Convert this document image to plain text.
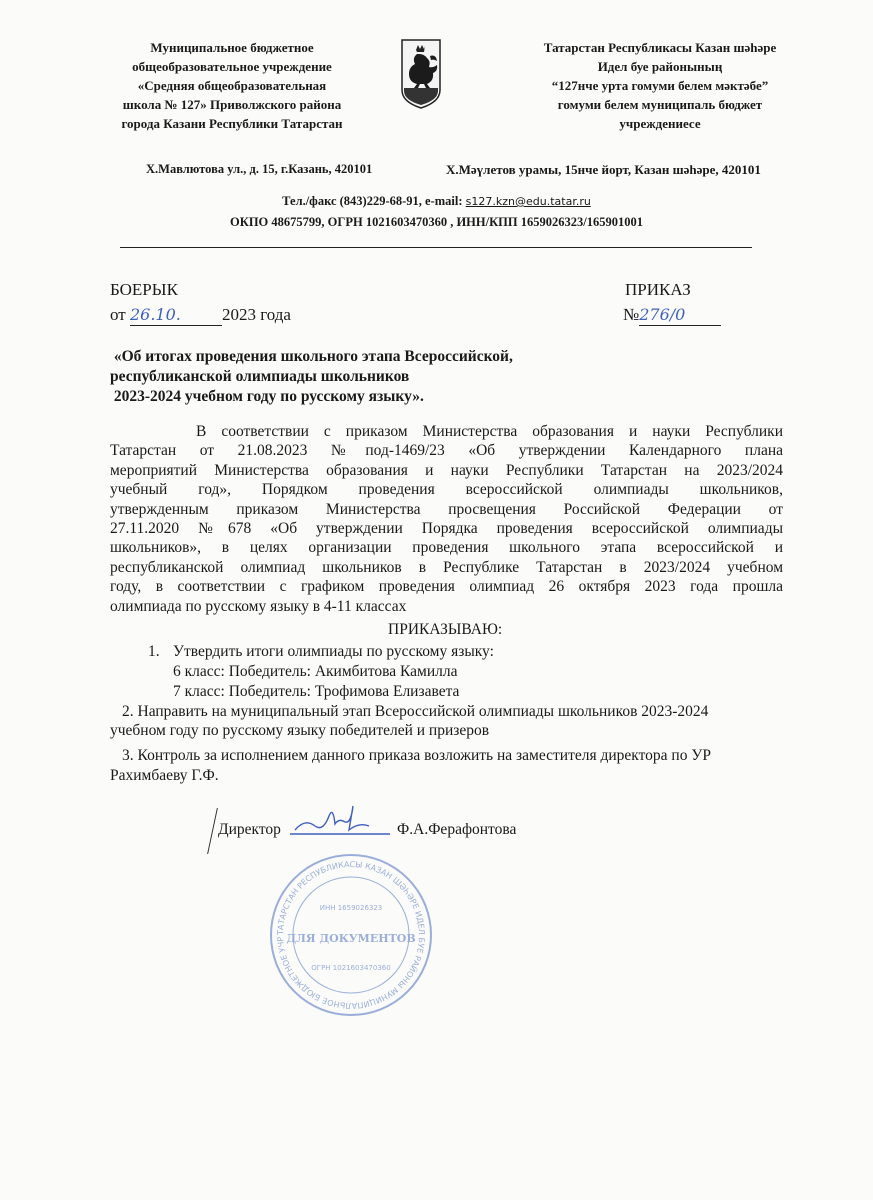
Муниципальное бюджетное
общеобразовательное учреждение
«Средняя общеобразовательная
школа № 127» Приволжского района
города Казани Республики Татарстан
Татарстан Республикасы Казан шәһәре
Идел буе районының
“127нче урта гомуми белем мәктәбе”
гомуми белем муниципаль бюджет
учреждениесе
Х.Мавлютова ул., д. 15, г.Казань, 420101	Х.Мәүлетов урамы, 15нче йорт, Казан шәһәре, 420101
Тел./факс (843)229-68-91, e-mail: s127.kzn@edu.tatar.ru
ОКПО 48675799, ОГРН 1021603470360 , ИНН/КПП 1659026323/165901001
БОЕРЫК	ПРИКАЗ
от 26.10. 2023 года	№276/0
«Об итогах проведения школьного этапа Всероссийской,
республиканской олимпиады школьников
2023-2024 учебном году по русскому языку».
В соответствии с приказом Министерства образования и науки Республики
Татарстан от 21.08.2023 №под-1469/23 «Об утверждении Календарного плана
мероприятий Министерства образования и науки Республики Татарстан на 2023/2024
учебный год», Порядком проведения всероссийской олимпиады школьников,
утвержденным приказом Министерства просвещения Российской Федерации от
27.11.2020 №678 «Об утверждении Порядка проведения всероссийской олимпиады
школьников», в целях организации проведения школьного этапа всероссийской и
республиканской олимпиад школьников в Республике Татарстан в 2023/2024 учебном
году, в соответствии с графиком проведения олимпиад 26 октября 2023 года прошла
олимпиада по русскому языку в 4-11 классах
ПРИКАЗЫВАЮ:
1. Утвердить итоги олимпиады по русскому языку:
6 класс: Победитель: Акимбитова Камилла
7 класс: Победитель: Трофимова Елизавета
2. Направить на муниципальный этап Всероссийской олимпиады школьников 2023-2024
учебном году по русскому языку победителей и призеров
3. Контроль за исполнением данного приказа возложить на заместителя директора по УР
Рахимбаеву Г.Ф.
Директор	Ф.А.Ферафонтова
ТАТАРСТАН РЕСПУБЛИКАСЫ КАЗАН ШӘҺӘРЕ ИДЕЛ БУЕ РАЙОНЫ МУНИЦИПАЛЬНОЕ БЮДЖЕТНОЕ УЧР
ИНН 1659026323
ДЛЯ ДОКУМЕНТОВ
ОГРН 1021603470360
